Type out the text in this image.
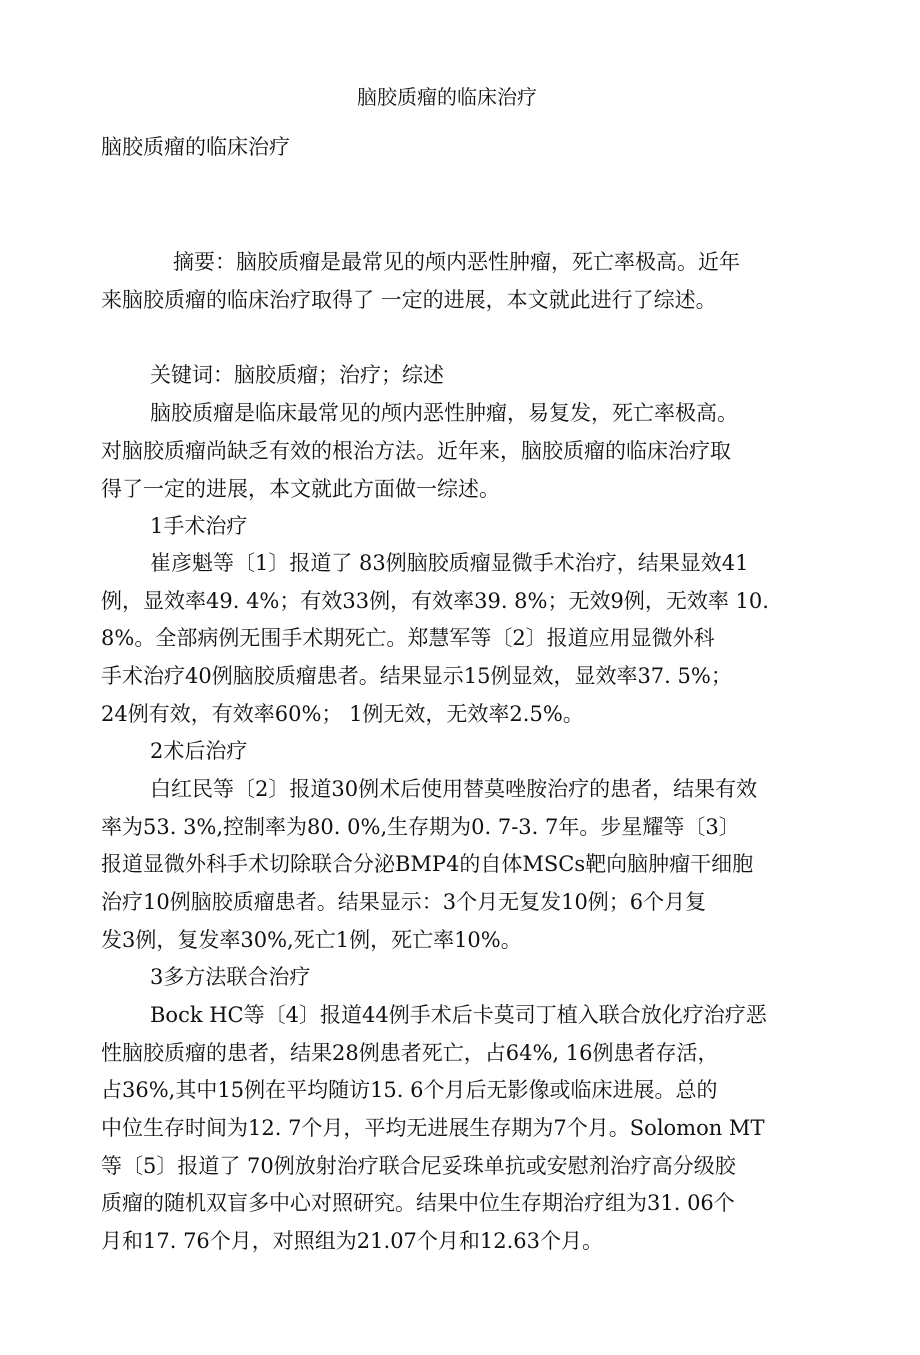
脑胶质瘤的临床治疗
脑胶质瘤的临床治疗
摘要：脑胶质瘤是最常见的颅内恶性肿瘤，死亡率极高。近年
来脑胶质瘤的临床治疗取得了 一定的进展，本文就此进行了综述。
关键词：脑胶质瘤；治疗；综述
脑胶质瘤是临床最常见的颅内恶性肿瘤，易复发，死亡率极高。
对脑胶质瘤尚缺乏有效的根治方法。近年来，脑胶质瘤的临床治疗取
得了一定的进展，本文就此方面做一综述。
1手术治疗
崔彦魁等〔1〕报道了 83例脑胶质瘤显微手术治疗，结果显效41
例，显效率49. 4%；有效33例，有效率39. 8%；无效9例，无效率 10.
8%。全部病例无围手术期死亡。郑慧军等〔2〕报道应用显微外科
手术治疗40例脑胶质瘤患者。结果显示15例显效，显效率37. 5%；
24例有效，有效率60%； 1例无效，无效率2.5%。
2术后治疗
白红民等〔2〕报道30例术后使用替莫唑胺治疗的患者，结果有效
率为53. 3%,控制率为80. 0%,生存期为0. 7-3. 7年。步星耀等〔3〕
报道显微外科手术切除联合分泌BMP4的自体MSCs靶向脑肿瘤干细胞
治疗10例脑胶质瘤患者。结果显示：3个月无复发10例；6个月复
发3例，复发率30%,死亡1例，死亡率10%。
3多方法联合治疗
Bock HC等〔4〕报道44例手术后卡莫司丁植入联合放化疗治疗恶
性脑胶质瘤的患者，结果28例患者死亡，占64%, 16例患者存活，
占36%,其中15例在平均随访15. 6个月后无影像或临床进展。总的
中位生存时间为12. 7个月，平均无进展生存期为7个月。Solomon MT
等〔5〕报道了 70例放射治疗联合尼妥珠单抗或安慰剂治疗高分级胶
质瘤的随机双盲多中心对照研究。结果中位生存期治疗组为31. 06个
月和17. 76个月，对照组为21.07个月和12.63个月。
